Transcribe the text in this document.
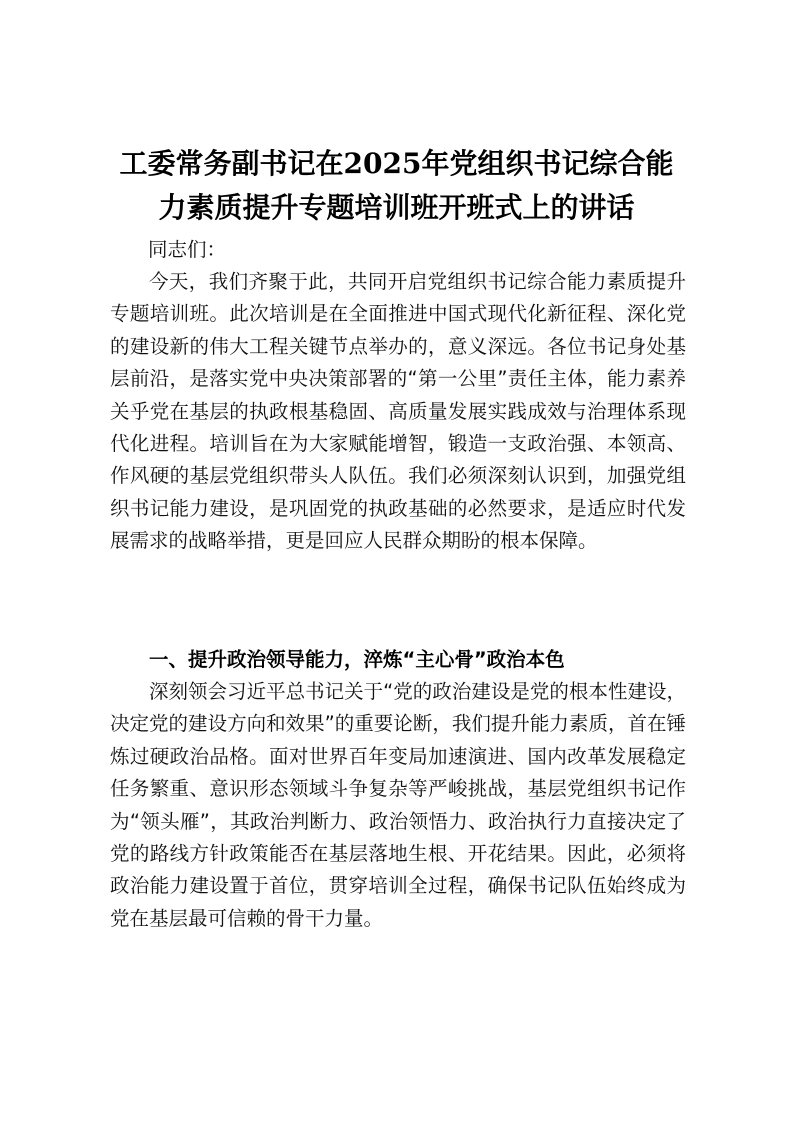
工委常务副书记在2025年党组织书记综合能
力素质提升专题培训班开班式上的讲话

同志们：

今天，我们齐聚于此，共同开启党组织书记综合能力素质提升专题培训班。此次培训是在全面推进中国式现代化新征程、深化党的建设新的伟大工程关键节点举办的，意义深远。各位书记身处基层前沿，是落实党中央决策部署的“第一公里”责任主体，能力素养关乎党在基层的执政根基稳固、高质量发展实践成效与治理体系现代化进程。培训旨在为大家赋能增智，锻造一支政治强、本领高、作风硬的基层党组织带头人队伍。我们必须深刻认识到，加强党组织书记能力建设，是巩固党的执政基础的必然要求，是适应时代发展需求的战略举措，更是回应人民群众期盼的根本保障。

一、提升政治领导能力，淬炼“主心骨”政治本色

深刻领会习近平总书记关于“党的政治建设是党的根本性建设，决定党的建设方向和效果”的重要论断，我们提升能力素质，首在锤炼过硬政治品格。面对世界百年变局加速演进、国内改革发展稳定任务繁重、意识形态领域斗争复杂等严峻挑战，基层党组织书记作为“领头雁”，其政治判断力、政治领悟力、政治执行力直接决定了党的路线方针政策能否在基层落地生根、开花结果。因此，必须将政治能力建设置于首位，贯穿培训全过程，确保书记队伍始终成为党在基层最可信赖的骨干力量。
